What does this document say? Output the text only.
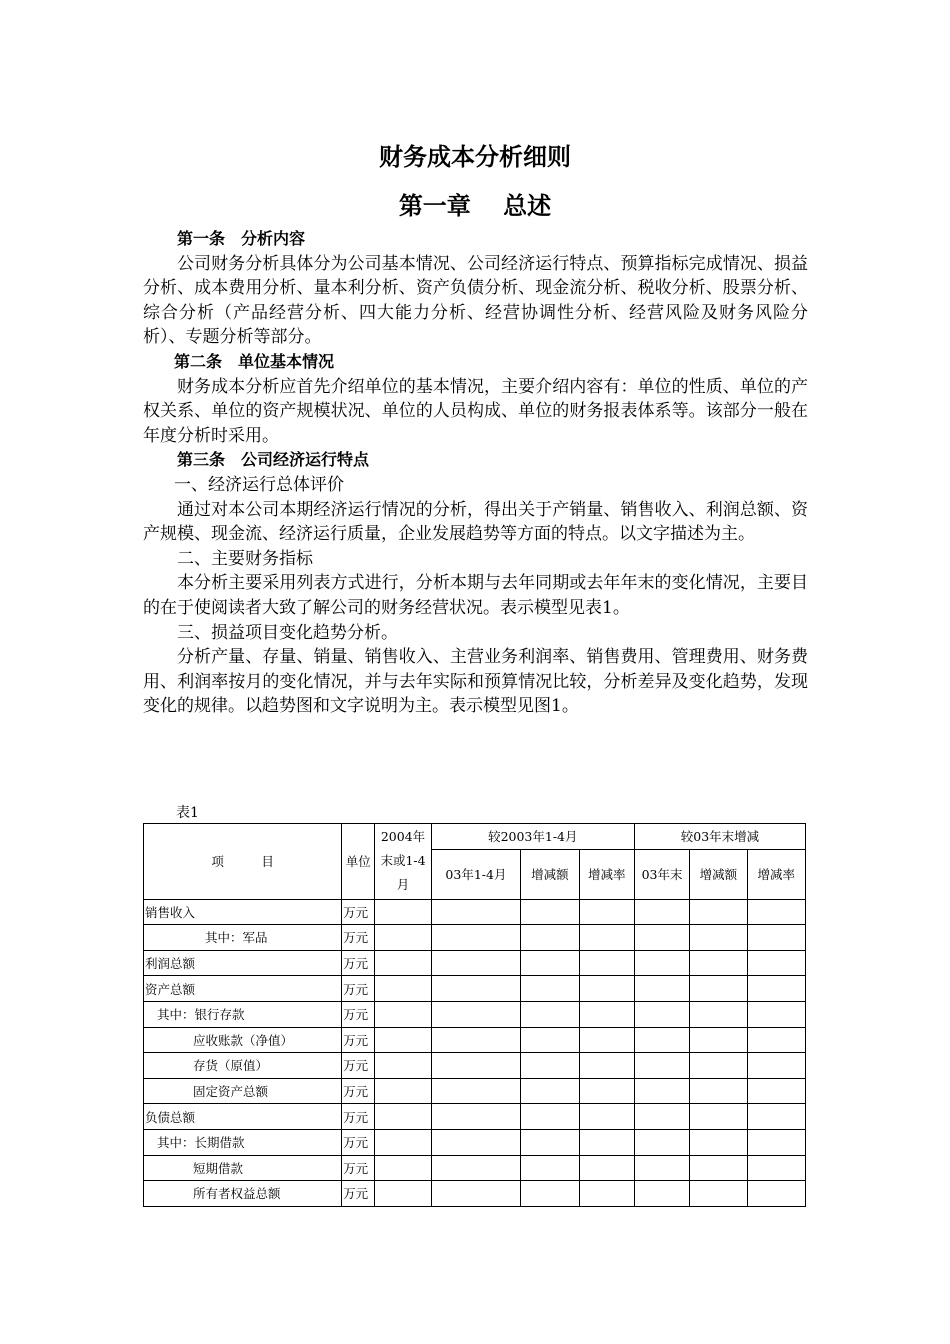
财务成本分析细则
第一章　 总述

第一条　分析内容

公司财务分析具体分为公司基本情况、公司经济运行特点、预算指标完成情况、损益分析、成本费用分析、量本利分析、资产负债分析、现金流分析、税收分析、股票分析、综合分析（产品经营分析、四大能力分析、经营协调性分析、经营风险及财务风险分析）、专题分析等部分。

第二条　单位基本情况

财务成本分析应首先介绍单位的基本情况，主要介绍内容有：单位的性质、单位的产权关系、单位的资产规模状况、单位的人员构成、单位的财务报表体系等。该部分一般在年度分析时采用。

第三条　公司经济运行特点

一、经济运行总体评价

通过对本公司本期经济运行情况的分析，得出关于产销量、销售收入、利润总额、资产规模、现金流、经济运行质量，企业发展趋势等方面的特点。以文字描述为主。

二、主要财务指标

本分析主要采用列表方式进行，分析本期与去年同期或去年年末的变化情况，主要目的在于使阅读者大致了解公司的财务经营状况。表示模型见表1。

三、损益项目变化趋势分析。

分析产量、存量、销量、销售收入、主营业务利润率、销售费用、管理费用、财务费用、利润率按月的变化情况，并与去年实际和预算情况比较，分析差异及变化趋势，发现变化的规律。以趋势图和文字说明为主。表示模型见图1。

表1
项　　　目	单位	2004年末或1-4月	较2003年1-4月			较03年末增减		
			03年1-4月	增减额	增减率	03年末	增减额	增减率
销售收入	万元							
其中：军品	万元							
利润总额	万元							
资产总额	万元							
其中：银行存款	万元							
应收账款（净值）	万元							
存货（原值）	万元							
固定资产总额	万元							
负债总额	万元							
其中：长期借款	万元							
短期借款	万元							
所有者权益总额	万元							
